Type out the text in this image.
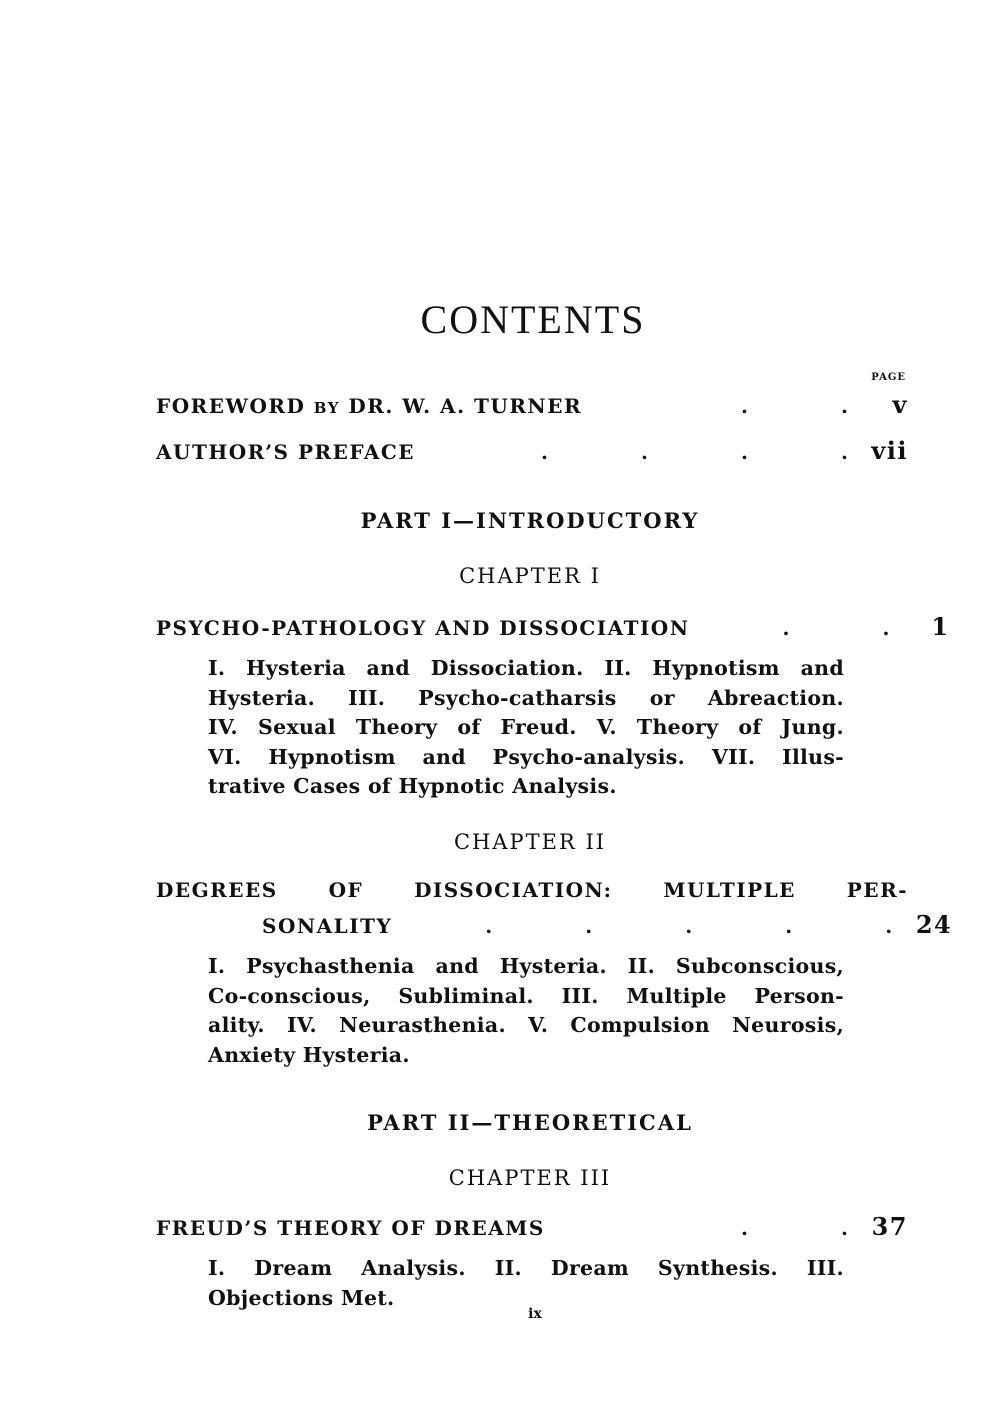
CONTENTS
PAGE
FOREWORD BY DR. W. A. TURNER	.	.	v
AUTHOR’S PREFACE	.	.	.	. vii
PART I—INTRODUCTORY
CHAPTER I
PSYCHO-PATHOLOGY AND DISSOCIATION	.	.	1
I. Hysteria and Dissociation. II. Hypnotism and
Hysteria. III. Psycho-catharsis or Abreaction.
IV. Sexual Theory of Freud. V. Theory of Jung.
VI. Hypnotism and Psycho-analysis. VII. Illus-
trative Cases of Hypnotic Analysis.
CHAPTER II
DEGREES OF DISSOCIATION: MULTIPLE PER-
SONALITY	.	.	.	.	. 24
I. Psychasthenia and Hysteria. II. Subconscious,
Co-conscious, Subliminal. III. Multiple Person-
ality. IV. Neurasthenia. V. Compulsion Neurosis,
Anxiety Hysteria.
PART II—THEORETICAL
CHAPTER III
FREUD’S THEORY OF DREAMS	.	. 37
I. Dream Analysis. II. Dream Synthesis. III.
Objections Met.
ix
